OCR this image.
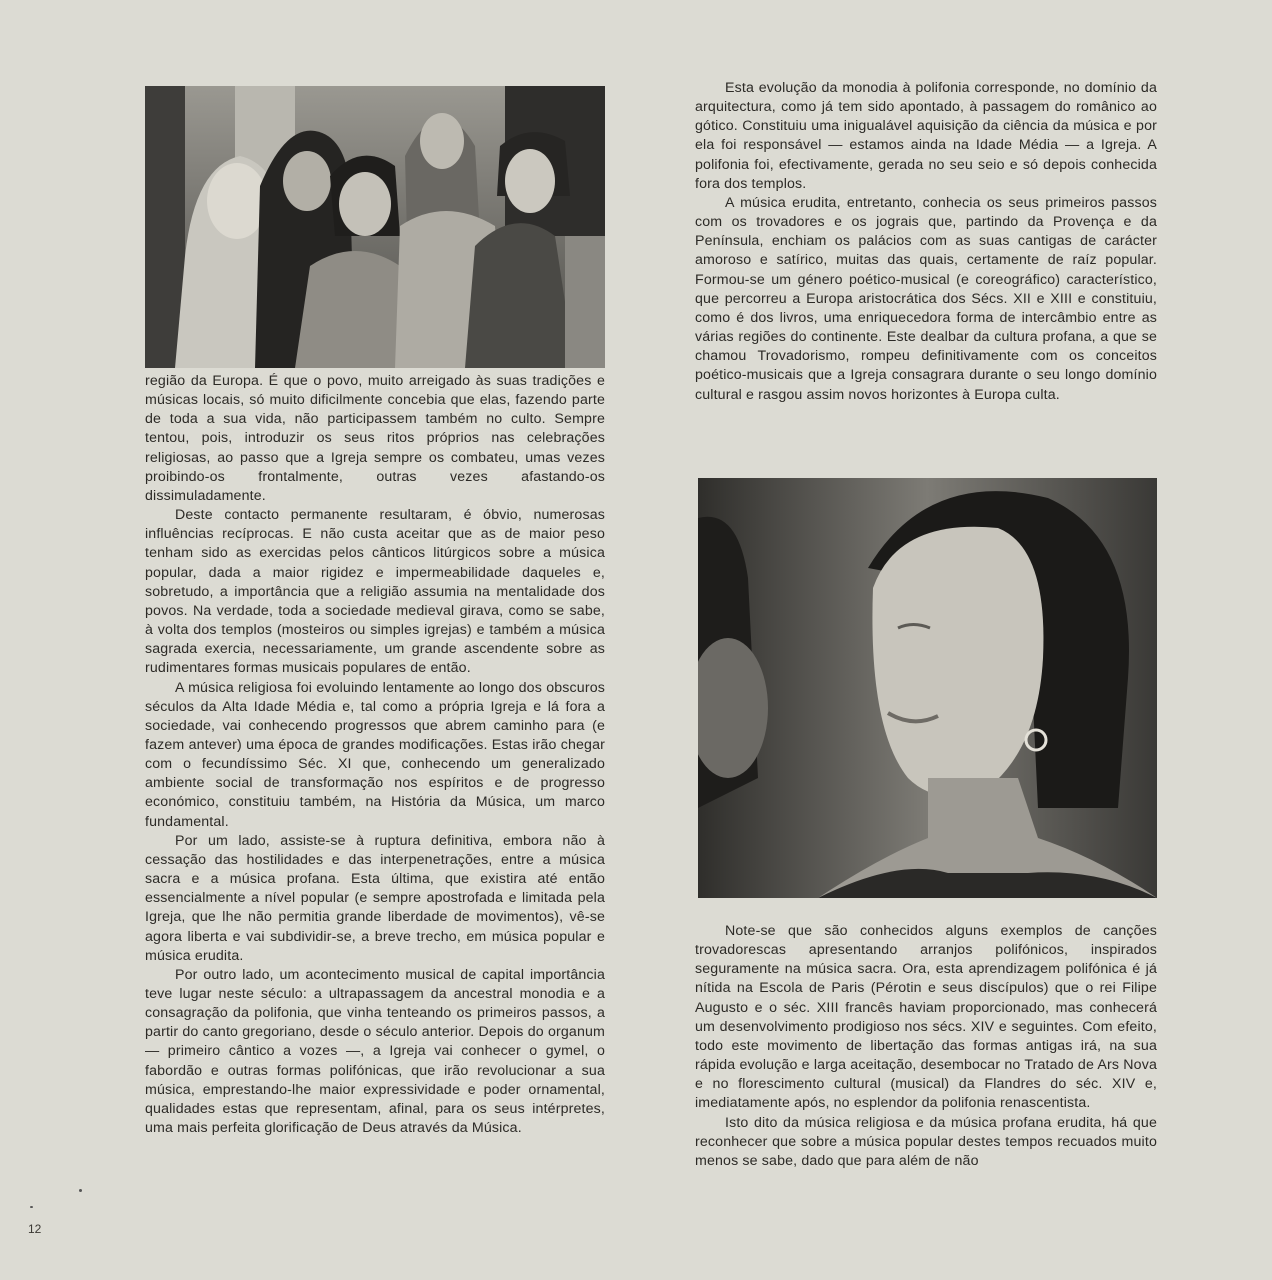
região da Europa. É que o povo, muito arreigado às suas tradições e músicas locais, só muito dificilmente concebia que elas, fazendo parte de toda a sua vida, não participassem também no culto. Sempre tentou, pois, introduzir os seus ritos próprios nas celebrações religiosas, ao passo que a Igreja sempre os combateu, umas vezes proibindo-os frontalmente, outras vezes afastando-os dissimuladamente.

Deste contacto permanente resultaram, é óbvio, numerosas influências recíprocas. E não custa aceitar que as de maior peso tenham sido as exercidas pelos cânticos litúrgicos sobre a música popular, dada a maior rigidez e impermeabilidade daqueles e, sobretudo, a importância que a religião assumia na mentalidade dos povos. Na verdade, toda a sociedade medieval girava, como se sabe, à volta dos templos (mosteiros ou simples igrejas) e também a música sagrada exercia, necessariamente, um grande ascendente sobre as rudimentares formas musicais populares de então.

A música religiosa foi evoluindo lentamente ao longo dos obscuros séculos da Alta Idade Média e, tal como a própria Igreja e lá fora a sociedade, vai conhecendo progressos que abrem caminho para (e fazem antever) uma época de grandes modificações. Estas irão chegar com o fecundíssimo Séc. XI que, conhecendo um generalizado ambiente social de transformação nos espíritos e de progresso económico, constituiu também, na História da Música, um marco fundamental.

Por um lado, assiste-se à ruptura definitiva, embora não à cessação das hostilidades e das interpenetrações, entre a música sacra e a música profana. Esta última, que existira até então essencialmente a nível popular (e sempre apostrofada e limitada pela Igreja, que lhe não permitia grande liberdade de movimentos), vê-se agora liberta e vai subdividir-se, a breve trecho, em música popular e música erudita.

Por outro lado, um acontecimento musical de capital importância teve lugar neste século: a ultrapassagem da ancestral monodia e a consagração da polifonia, que vinha tenteando os primeiros passos, a partir do canto gregoriano, desde o século anterior. Depois do organum — primeiro cântico a vozes —, a Igreja vai conhecer o gymel, o fabordão e outras formas polifónicas, que irão revolucionar a sua música, emprestando-lhe maior expressividade e poder ornamental, qualidades estas que representam, afinal, para os seus intérpretes, uma mais perfeita glorificação de Deus através da Música.

Esta evolução da monodia à polifonia corresponde, no domínio da arquitectura, como já tem sido apontado, à passagem do românico ao gótico. Constituiu uma inigualável aquisição da ciência da música e por ela foi responsável — estamos ainda na Idade Média — a Igreja. A polifonia foi, efectivamente, gerada no seu seio e só depois conhecida fora dos templos.

A música erudita, entretanto, conhecia os seus primeiros passos com os trovadores e os jograis que, partindo da Provença e da Península, enchiam os palácios com as suas cantigas de carácter amoroso e satírico, muitas das quais, certamente de raíz popular. Formou-se um género poético-musical (e coreográfico) característico, que percorreu a Europa aristocrática dos Sécs. XII e XIII e constituiu, como é dos livros, uma enriquecedora forma de intercâmbio entre as várias regiões do continente. Este dealbar da cultura profana, a que se chamou Trovadorismo, rompeu definitivamente com os conceitos poético-musicais que a Igreja consagrara durante o seu longo domínio cultural e rasgou assim novos horizontes à Europa culta.

Note-se que são conhecidos alguns exemplos de canções trovadorescas apresentando arranjos polifónicos, inspirados seguramente na música sacra. Ora, esta aprendizagem polifónica é já nítida na Escola de Paris (Pérotin e seus discípulos) que o rei Filipe Augusto e o séc. XIII francês haviam proporcionado, mas conhecerá um desenvolvimento prodigioso nos sécs. XIV e seguintes. Com efeito, todo este movimento de libertação das formas antigas irá, na sua rápida evolução e larga aceitação, desembocar no Tratado de Ars Nova e no florescimento cultural (musical) da Flandres do séc. XIV e, imediatamente após, no esplendor da polifonia renascentista.

Isto dito da música religiosa e da música profana erudita, há que reconhecer que sobre a música popular destes tempos recuados muito menos se sabe, dado que para além de não

12
